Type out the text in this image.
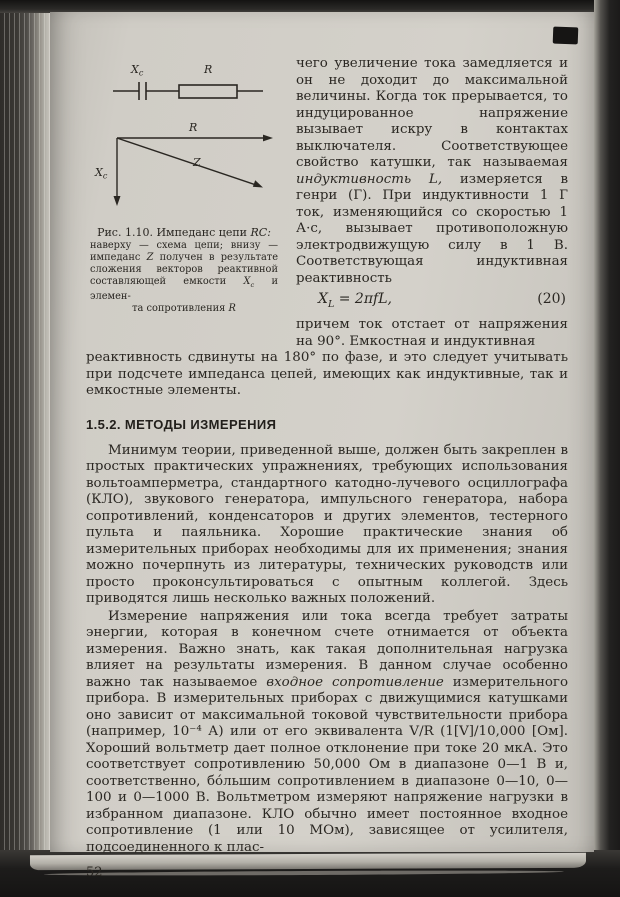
$X_c$	R
R
Z
$X_c$
Рис. 1.10. Импеданс цепи RC:
наверху — схема цепи; внизу — импеданс Z получен в результате сложения векторов реактивной составляющей емкости $X_c$ и элемен-
та сопротивления R

чего увеличение тока замедляется и он не доходит до максимальной величины. Когда ток прерывается, то индуцированное напряжение вызывает искру в контактах выключателя. Соответствующее свойство катушки, так называемая индуктивность L, измеряется в генри (Г). При индуктивности 1 Г ток, изменяющийся со скоростью 1 А·с, вызывает противоположную электродвижущую силу в 1 В. Соответствующая индуктивная реактивность

$X_L = 2\pi fL$,	(20)

причем ток отстает от напряжения на 90°. Емкостная и индуктивная

реактивность сдвинуты на 180° по фазе, и это следует учитывать при подсчете импеданса цепей, имеющих как индуктивные, так и емкостные элементы.

1.5.2. МЕТОДЫ ИЗМЕРЕНИЯ

Минимум теории, приведенной выше, должен быть закреплен в простых практических упражнениях, требующих использования вольтоамперметра, стандартного катодно-лучевого осциллографа (КЛО), звукового генератора, импульсного генератора, набора сопротивлений, конденсаторов и других элементов, тестерного пульта и паяльника. Хорошие практические знания об измерительных приборах необходимы для их применения; знания можно почерпнуть из литературы, технических руководств или просто проконсультироваться с опытным коллегой. Здесь приводятся лишь несколько важных положений.

Измерение напряжения или тока всегда требует затраты энергии, которая в конечном счете отнимается от объекта измерения. Важно знать, как такая дополнительная нагрузка влияет на результаты измерения. В данном случае особенно важно так называемое входное сопротивление измерительного прибора. В измерительных приборах с движущимися катушками оно зависит от максимальной токовой чувствительности прибора (например, 10⁻⁴ А) или от его эквивалента V/R (1[V]/10,000 [Ом]. Хороший вольтметр дает полное отклонение при токе 20 мкА. Это соответствует сопротивлению 50,000 Ом в диапазоне 0—1 В и, соответственно, бо́льшим сопротивлением в диапазоне 0—10, 0—100 и 0—1000 В. Вольтметром измеряют напряжение нагрузки в избранном диапазоне. КЛО обычно имеет постоянное входное сопротивление (1 или 10 МОм), зависящее от усилителя, подсоединенного к плас-

52
